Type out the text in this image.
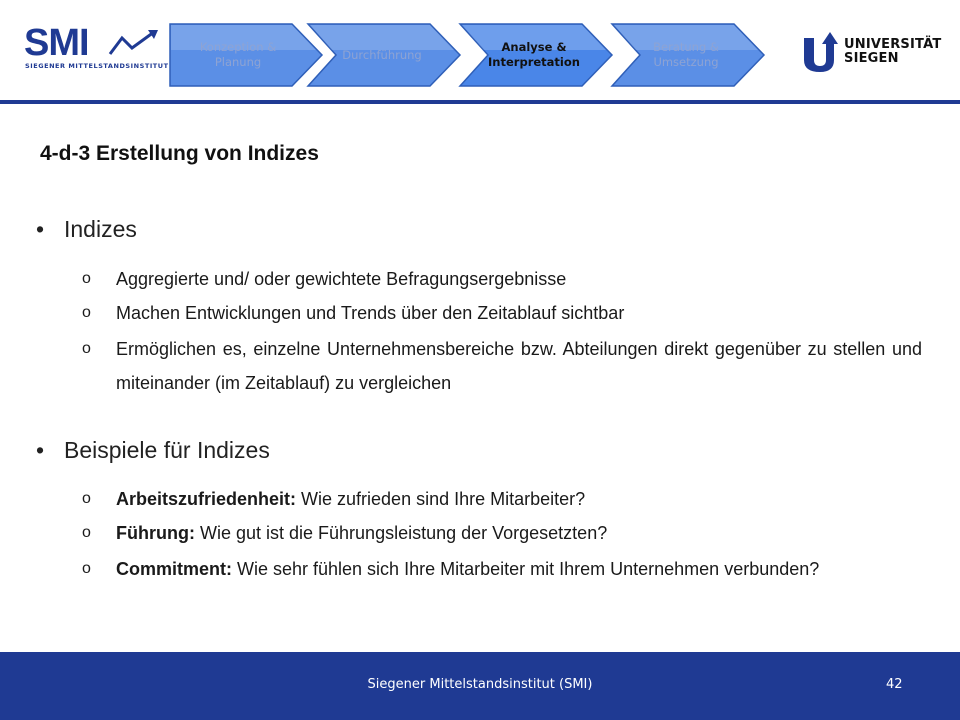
SMI
SIEGENER MITTELSTANDSINSTITUT
Konzeption & Planung
Durchführung
Analyse & Interpretation
Beratung & Umsetzung
UNIVERSITÄT
SIEGEN
4-d-3 Erstellung von Indizes
• Indizes
o Aggregierte und/ oder gewichtete Befragungsergebnisse
o Machen Entwicklungen und Trends über den Zeitablauf sichtbar
o Ermöglichen es, einzelne Unternehmensbereiche bzw. Abteilungen direkt gegenüber zu stellen und miteinander (im Zeitablauf) zu vergleichen
• Beispiele für Indizes
o Arbeitszufriedenheit: Wie zufrieden sind Ihre Mitarbeiter?
o Führung: Wie gut ist die Führungsleistung der Vorgesetzten?
o Commitment: Wie sehr fühlen sich Ihre Mitarbeiter mit Ihrem Unternehmen verbunden?
Siegener Mittelstandsinstitut (SMI)	42
